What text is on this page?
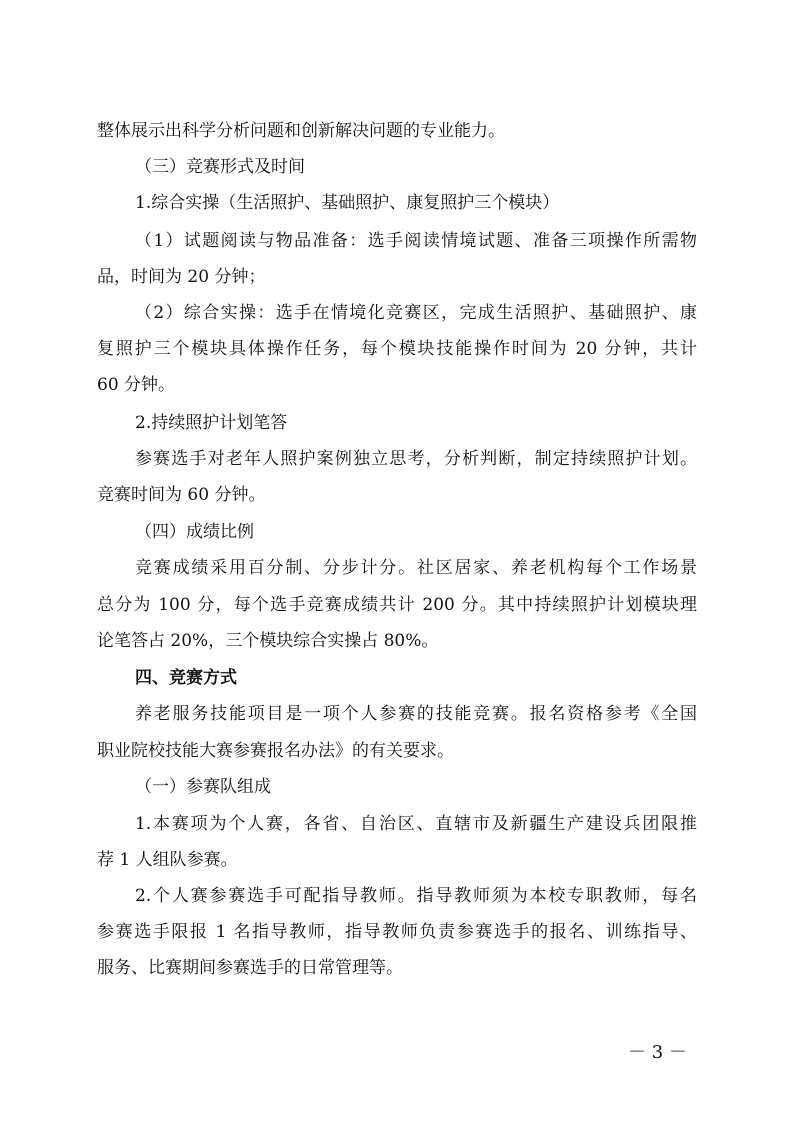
整体展示出科学分析问题和创新解决问题的专业能力。

（三）竞赛形式及时间

1.综合实操（生活照护、基础照护、康复照护三个模块）

（1）试题阅读与物品准备：选手阅读情境试题、准备三项操作所需物

品，时间为 20 分钟；

（2）综合实操：选手在情境化竞赛区，完成生活照护、基础照护、康

复照护三个模块具体操作任务，每个模块技能操作时间为 20 分钟，共计

60 分钟。

2.持续照护计划笔答

参赛选手对老年人照护案例独立思考，分析判断，制定持续照护计划。

竞赛时间为 60 分钟。

（四）成绩比例

竞赛成绩采用百分制、分步计分。社区居家、养老机构每个工作场景

总分为 100 分，每个选手竞赛成绩共计 200 分。其中持续照护计划模块理

论笔答占 20%，三个模块综合实操占 80%。

四、竞赛方式

养老服务技能项目是一项个人参赛的技能竞赛。报名资格参考《全国

职业院校技能大赛参赛报名办法》的有关要求。

（一）参赛队组成

1.本赛项为个人赛，各省、自治区、直辖市及新疆生产建设兵团限推

荐 1 人组队参赛。

2.个人赛参赛选手可配指导教师。指导教师须为本校专职教师，每名

参赛选手限报 1 名指导教师，指导教师负责参赛选手的报名、训练指导、

服务、比赛期间参赛选手的日常管理等。

－ 3 －
